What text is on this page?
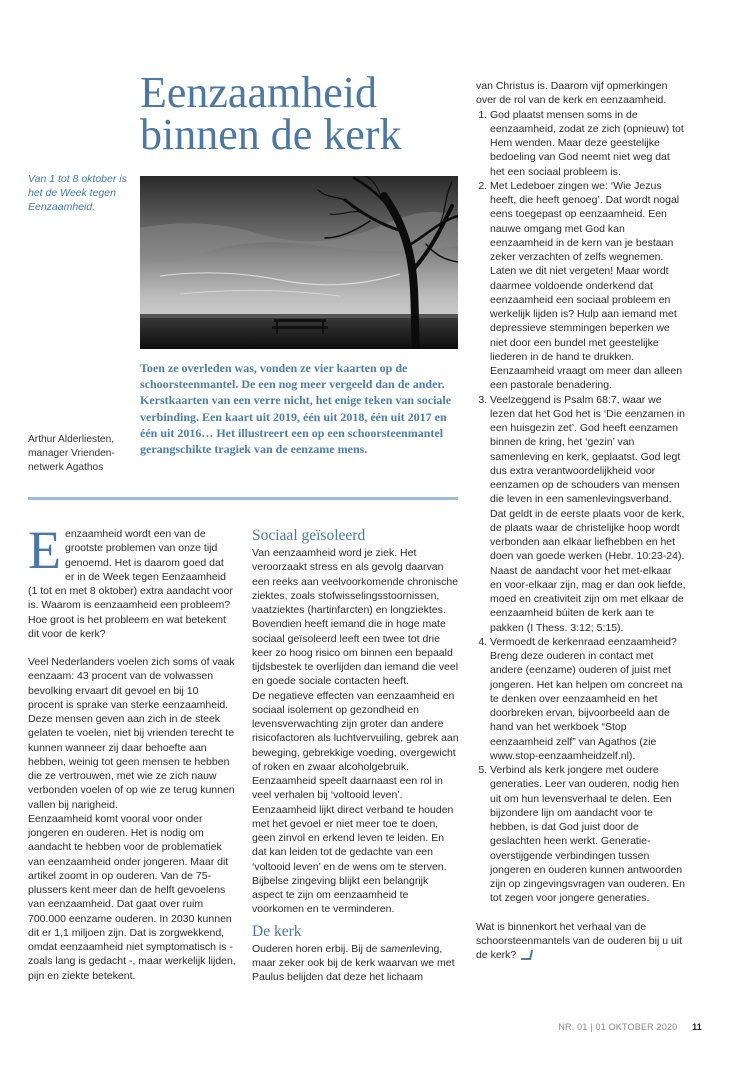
Eenzaamheid
binnen de kerk
Van 1 tot 8 oktober is het de Week tegen Eenzaamheid.

Toen ze overleden was, vonden ze vier kaarten op de schoorsteenmantel. De een nog meer vergeeld dan de ander. Kerstkaarten van een verre nicht, het enige teken van sociale verbinding. Een kaart uit 2019, één uit 2018, één uit 2017 en één uit 2016… Het illustreert een op een schoorsteenmantel gerangschikte tragiek van de eenzame mens.

Arthur Alderliesten,
manager Vrienden-
netwerk Agathos

Eenzaamheid wordt een van de grootste problemen van onze tijd genoemd. Het is daarom goed dat er in de Week tegen Eenzaamheid (1 tot en met 8 oktober) extra aandacht voor is. Waarom is eenzaamheid een probleem? Hoe groot is het probleem en wat betekent dit voor de kerk?

Veel Nederlanders voelen zich soms of vaak eenzaam: 43 procent van de volwassen bevolking ervaart dit gevoel en bij 10 procent is sprake van sterke eenzaamheid. Deze mensen geven aan zich in de steek gelaten te voelen, niet bij vrienden terecht te kunnen wanneer zij daar behoefte aan hebben, weinig tot geen mensen te hebben die ze vertrouwen, met wie ze zich nauw verbonden voelen of op wie ze terug kunnen vallen bij narigheid.

Eenzaamheid komt vooral voor onder jongeren en ouderen. Het is nodig om aandacht te hebben voor de problematiek van eenzaamheid onder jongeren. Maar dit artikel zoomt in op ouderen. Van de 75-plussers kent meer dan de helft gevoelens van eenzaamheid. Dat gaat over ruim 700.000 eenzame ouderen. In 2030 kunnen dit er 1,1 miljoen zijn. Dat is zorgwekkend, omdat eenzaamheid niet symptomatisch is - zoals lang is gedacht -, maar werkelijk lijden, pijn en ziekte betekent.

Sociaal geïsoleerd

Van eenzaamheid word je ziek. Het veroorzaakt stress en als gevolg daarvan een reeks aan veelvoorkomende chronische ziektes, zoals stofwisselingsstoornissen, vaatziektes (hartinfarcten) en longziektes. Bovendien heeft iemand die in hoge mate sociaal geïsoleerd leeft een twee tot drie keer zo hoog risico om binnen een bepaald tijdsbestek te overlijden dan iemand die veel en goede sociale contacten heeft.

De negatieve effecten van eenzaamheid en sociaal isolement op gezondheid en levensverwachting zijn groter dan andere risicofactoren als luchtvervuiling, gebrek aan beweging, gebrekkige voeding, overgewicht of roken en zwaar alcoholgebruik.

Eenzaamheid speelt daarnaast een rol in veel verhalen bij ‘voltooid leven’. Eenzaamheid lijkt direct verband te houden met het gevoel er niet meer toe te doen, geen zinvol en erkend leven te leiden. En dat kan leiden tot de gedachte van een ‘voltooid leven’ en de wens om te sterven. Bijbelse zingeving blijkt een belangrijk aspect te zijn om eenzaamheid te voorkomen en te verminderen.

De kerk

Ouderen horen erbij. Bij de samenleving, maar zeker ook bij de kerk waarvan we met Paulus belijden dat deze het lichaam

van Christus is. Daarom vijf opmerkingen over de rol van de kerk en eenzaamheid.

1. God plaatst mensen soms in de eenzaamheid, zodat ze zich (opnieuw) tot Hem wenden. Maar deze geestelijke bedoeling van God neemt niet weg dat het een sociaal probleem is.
2. Met Ledeboer zingen we: ‘Wie Jezus heeft, die heeft genoeg’. Dat wordt nogal eens toegepast op eenzaamheid. Een nauwe omgang met God kan eenzaamheid in de kern van je bestaan zeker verzachten of zelfs wegnemen. Laten we dit niet vergeten! Maar wordt daarmee voldoende onderkend dat eenzaamheid een sociaal probleem en werkelijk lijden is? Hulp aan iemand met depressieve stemmingen beperken we niet door een bundel met geestelijke liederen in de hand te drukken. Eenzaamheid vraagt om meer dan alleen een pastorale benadering.
3. Veelzeggend is Psalm 68:7, waar we lezen dat het God het is ‘Die eenzamen in een huisgezin zet’. God heeft eenzamen binnen de kring, het ‘gezin’ van samenleving en kerk, geplaatst. God legt dus extra verantwoordelijkheid voor eenzamen op de schouders van mensen die leven in een samenlevingsverband. Dat geldt in de eerste plaats voor de kerk, de plaats waar de christelijke hoop wordt verbonden aan elkaar liefhebben en het doen van goede werken (Hebr. 10:23-24). Naast de aandacht voor het met-elkaar en voor-elkaar zijn, mag er dan ook liefde, moed en creativiteit zijn om met elkaar de eenzaamheid búiten de kerk aan te pakken (I Thess. 3:12; 5:15).
4. Vermoedt de kerkenraad eenzaamheid? Breng deze ouderen in contact met andere (eenzame) ouderen of juist met jongeren. Het kan helpen om concreet na te denken over eenzaamheid en het doorbreken ervan, bijvoorbeeld aan de hand van het werkboek “Stop eenzaamheid zelf” van Agathos (zie www.stop-eenzaamheidzelf.nl).
5. Verbind als kerk jongere met oudere generaties. Leer van ouderen, nodig hen uit om hun levensverhaal te delen. Een bijzondere lijn om aandacht voor te hebben, is dat God juist door de geslachten heen werkt. Generatie-overstijgende verbindingen tussen jongeren en ouderen kunnen antwoorden zijn op zingevingsvragen van ouderen. En tot zegen voor jongere generaties.

Wat is binnenkort het verhaal van de schoorsteenmantels van de ouderen bij u uit de kerk?

NR. 01 | 01 OKTOBER 2020 11
